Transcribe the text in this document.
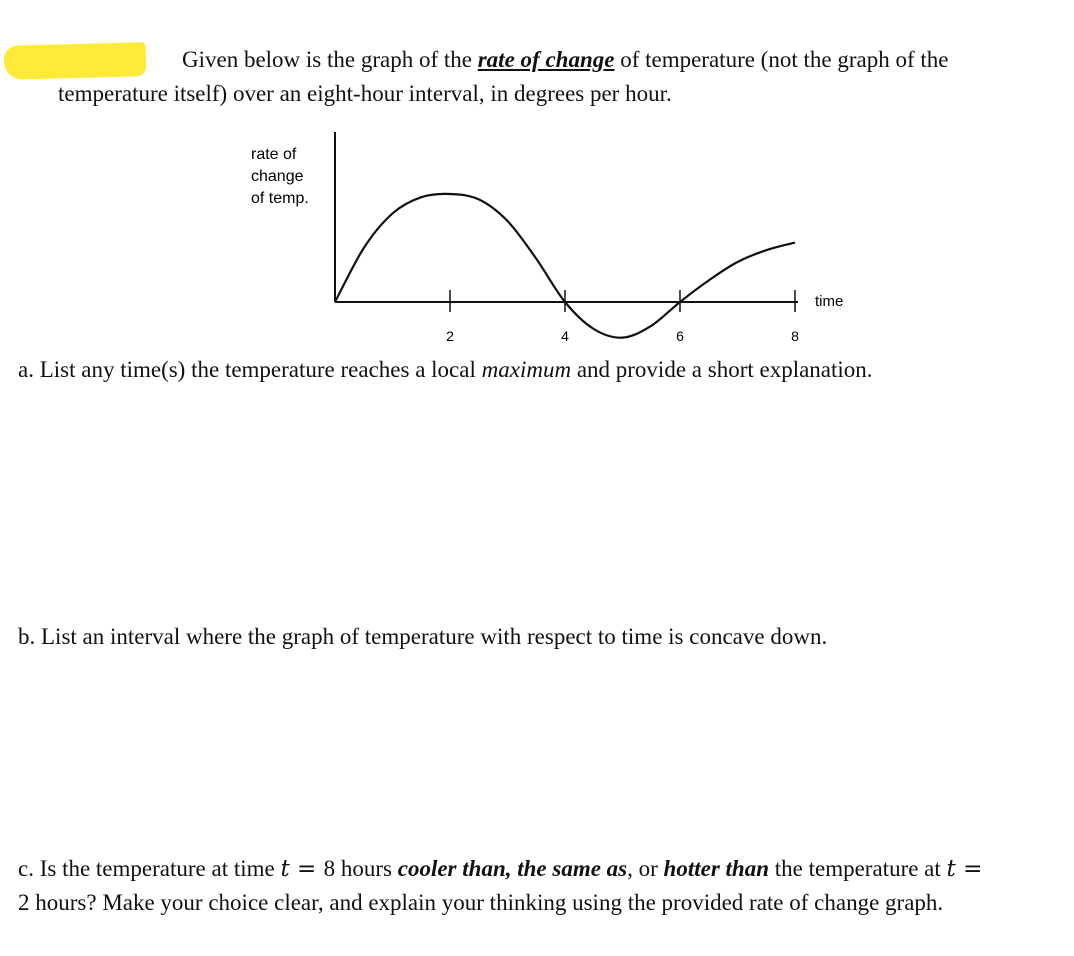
Given below is the graph of the rate of change of temperature (not the graph of the
temperature itself) over an eight-hour interval, in degrees per hour.
rate of
change
of temp.
2	4	6	8
time
a. List any time(s) the temperature reaches a local maximum and provide a short explanation.
b. List an interval where the graph of temperature with respect to time is concave down.
c. Is the temperature at time t = 8 hours cooler than, the same as, or hotter than the temperature at t =
2 hours? Make your choice clear, and explain your thinking using the provided rate of change graph.
